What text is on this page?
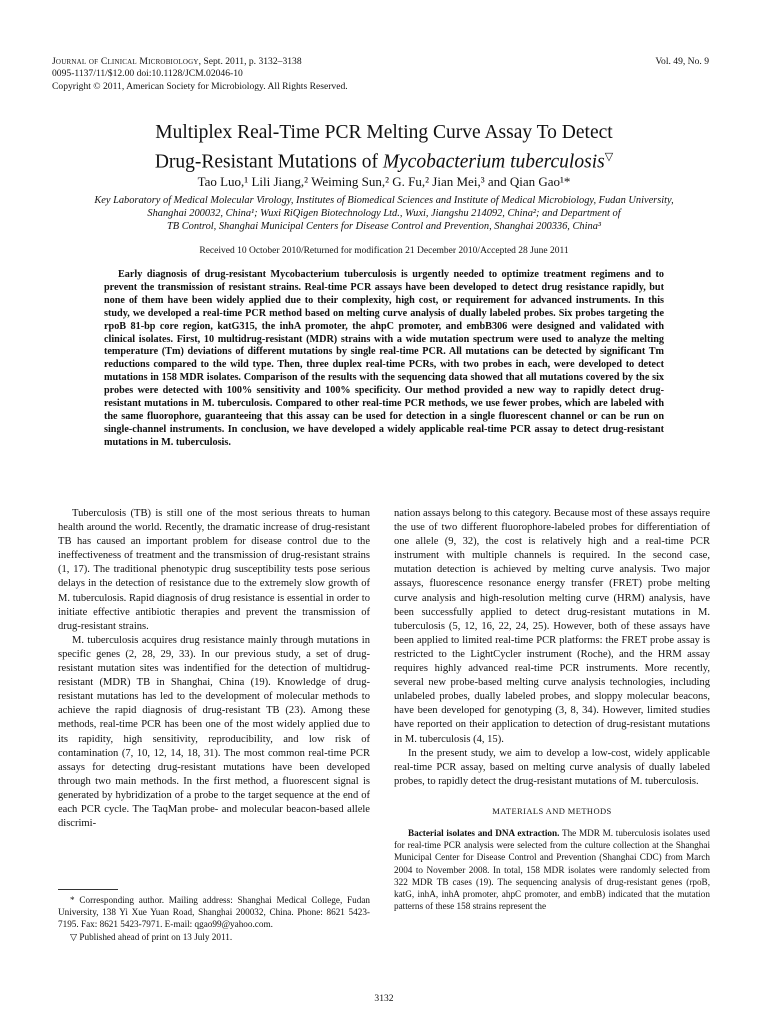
Journal of Clinical Microbiology, Sept. 2011, p. 3132–3138
0095-1137/11/$12.00 doi:10.1128/JCM.02046-10
Copyright © 2011, American Society for Microbiology. All Rights Reserved.
Vol. 49, No. 9
Multiplex Real-Time PCR Melting Curve Assay To Detect
Drug-Resistant Mutations of Mycobacterium tuberculosis▽
Tao Luo,¹ Lili Jiang,² Weiming Sun,² G. Fu,² Jian Mei,³ and Qian Gao¹*
Key Laboratory of Medical Molecular Virology, Institutes of Biomedical Sciences and Institute of Medical Microbiology, Fudan University,
Shanghai 200032, China¹; Wuxi RiQigen Biotechnology Ltd., Wuxi, Jiangshu 214092, China²; and Department of
TB Control, Shanghai Municipal Centers for Disease Control and Prevention, Shanghai 200336, China³
Received 10 October 2010/Returned for modification 21 December 2010/Accepted 28 June 2011
Early diagnosis of drug-resistant Mycobacterium tuberculosis is urgently needed to optimize treatment regimens and to prevent the transmission of resistant strains. Real-time PCR assays have been developed to detect drug resistance rapidly, but none of them have been widely applied due to their complexity, high cost, or requirement for advanced instruments. In this study, we developed a real-time PCR method based on melting curve analysis of dually labeled probes. Six probes targeting the rpoB 81-bp core region, katG315, the inhA promoter, the ahpC promoter, and embB306 were designed and validated with clinical isolates. First, 10 multidrug-resistant (MDR) strains with a wide mutation spectrum were used to analyze the melting temperature (Tm) deviations of different mutations by single real-time PCR. All mutations can be detected by significant Tm reductions compared to the wild type. Then, three duplex real-time PCRs, with two probes in each, were developed to detect mutations in 158 MDR isolates. Comparison of the results with the sequencing data showed that all mutations covered by the six probes were detected with 100% sensitivity and 100% specificity. Our method provided a new way to rapidly detect drug-resistant mutations in M. tuberculosis. Compared to other real-time PCR methods, we use fewer probes, which are labeled with the same fluorophore, guaranteeing that this assay can be used for detection in a single fluorescent channel or can be run on single-channel instruments. In conclusion, we have developed a widely applicable real-time PCR assay to detect drug-resistant mutations in M. tuberculosis.

Tuberculosis (TB) is still one of the most serious threats to human health around the world. Recently, the dramatic increase of drug-resistant TB has caused an important problem for disease control due to the ineffectiveness of treatment and the transmission of drug-resistant strains (1, 17). The traditional phenotypic drug susceptibility tests pose serious delays in the detection of resistance due to the extremely slow growth of M. tuberculosis. Rapid diagnosis of drug resistance is essential in order to initiate effective antibiotic therapies and prevent the transmission of drug-resistant strains.

M. tuberculosis acquires drug resistance mainly through mutations in specific genes (2, 28, 29, 33). In our previous study, a set of drug-resistant mutation sites was indentified for the detection of multidrug-resistant (MDR) TB in Shanghai, China (19). Knowledge of drug-resistant mutations has led to the development of molecular methods to achieve the rapid diagnosis of drug-resistant TB (23). Among these methods, real-time PCR has been one of the most widely applied due to its rapidity, high sensitivity, reproducibility, and low risk of contamination (7, 10, 12, 14, 18, 31). The most common real-time PCR assays for detecting drug-resistant mutations have been developed through two main methods. In the first method, a fluorescent signal is generated by hybridization of a probe to the target sequence at the end of each PCR cycle. The TaqMan probe- and molecular beacon-based allele discrimi-

nation assays belong to this category. Because most of these assays require the use of two different fluorophore-labeled probes for differentiation of one allele (9, 32), the cost is relatively high and a real-time PCR instrument with multiple channels is required. In the second case, mutation detection is achieved by melting curve analysis. Two major assays, fluorescence resonance energy transfer (FRET) probe melting curve analysis and high-resolution melting curve (HRM) analysis, have been successfully applied to detect drug-resistant mutations in M. tuberculosis (5, 12, 16, 22, 24, 25). However, both of these assays have been applied to limited real-time PCR platforms: the FRET probe assay is restricted to the LightCycler instrument (Roche), and the HRM assay requires highly advanced real-time PCR instruments. More recently, several new probe-based melting curve analysis technologies, including unlabeled probes, dually labeled probes, and sloppy molecular beacons, have been developed for genotyping (3, 8, 34). However, limited studies have reported on their application to detection of drug-resistant mutations in M. tuberculosis (4, 15).

In the present study, we aim to develop a low-cost, widely applicable real-time PCR assay, based on melting curve analysis of dually labeled probes, to rapidly detect the drug-resistant mutations of M. tuberculosis.

MATERIALS AND METHODS

Bacterial isolates and DNA extraction. The MDR M. tuberculosis isolates used for real-time PCR analysis were selected from the culture collection at the Shanghai Municipal Center for Disease Control and Prevention (Shanghai CDC) from March 2004 to November 2008. In total, 158 MDR isolates were randomly selected from 322 MDR TB cases (19). The sequencing analysis of drug-resistant genes (rpoB, katG, inhA, inhA promoter, ahpC promoter, and embB) indicated that the mutation patterns of these 158 strains represent the

* Corresponding author. Mailing address: Shanghai Medical College, Fudan University, 138 Yi Xue Yuan Road, Shanghai 200032, China. Phone: 8621 5423-7195. Fax: 8621 5423-7971. E-mail: qgao99@yahoo.com.

▽ Published ahead of print on 13 July 2011.

3132
